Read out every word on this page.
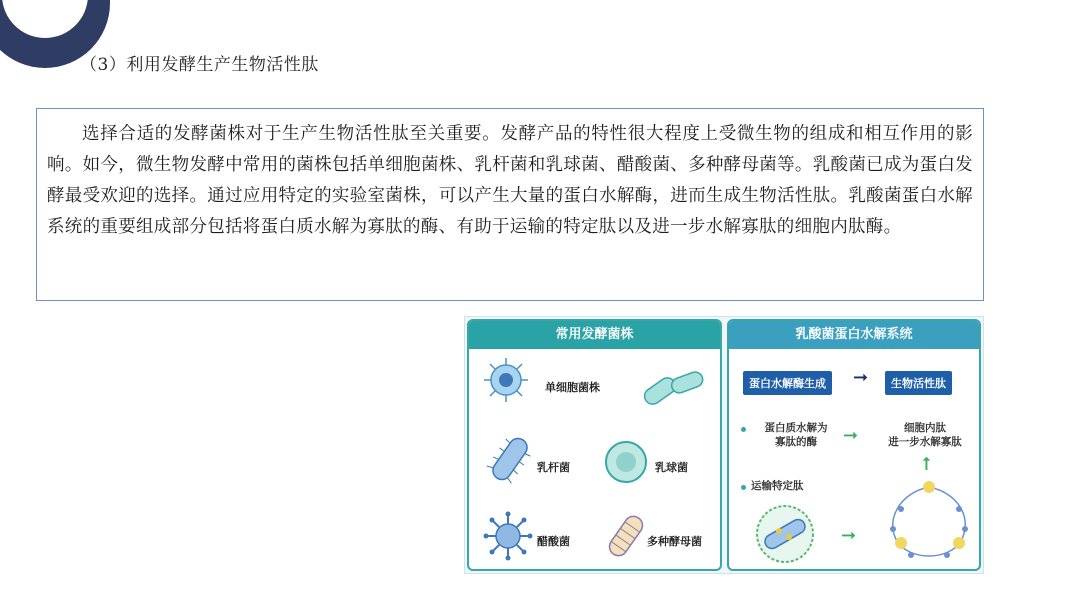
（3）利用发酵生产生物活性肽

选择合适的发酵菌株对于生产生物活性肽至关重要。发酵产品的特性很大程度上受微生物的组成和相互作用的影响。如今，微生物发酵中常用的菌株包括单细胞菌株、乳杆菌和乳球菌、醋酸菌、多种酵母菌等。乳酸菌已成为蛋白发酵最受欢迎的选择。通过应用特定的实验室菌株，可以产生大量的蛋白水解酶，进而生成生物活性肽。乳酸菌蛋白水解系统的重要组成部分包括将蛋白质水解为寡肽的酶、有助于运输的特定肽以及进一步水解寡肽的细胞内肽酶。

常用发酵菌株
单细胞菌株
乳杆菌	乳球菌
醋酸菌	多种酵母菌
乳酸菌蛋白水解系统
蛋白水解酶生成	➞	生物活性肽
蛋白质水解为
寡肽的酶	➞	细胞内肽
进一步水解寡肽
➞
运输特定肽
➞
